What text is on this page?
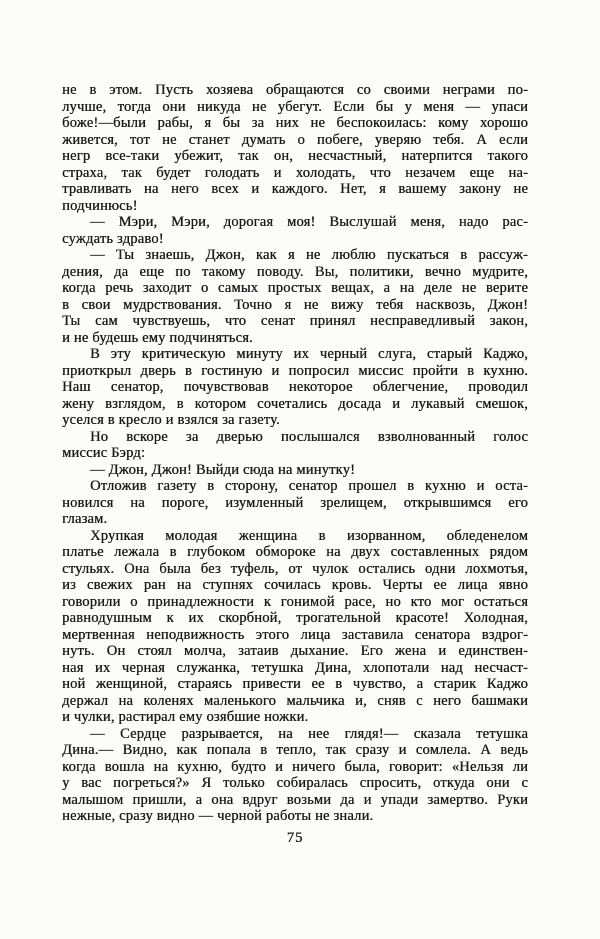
не в этом. Пусть хозяева обращаются со своими неграми по-
лучше, тогда они никуда не убегут. Если бы у меня — упаси
боже!—были рабы, я бы за них не беспокоилась: кому хорошо
живется, тот не станет думать о побеге, уверяю тебя. А если
негр все-таки убежит, так он, несчастный, натерпится такого
страха, так будет голодать и холодать, что незачем еще на-
травливать на него всех и каждого. Нет, я вашему закону не
подчинюсь!

— Мэри, Мэри, дорогая моя! Выслушай меня, надо рас-
суждать здраво!

— Ты знаешь, Джон, как я не люблю пускаться в рассуж-
дения, да еще по такому поводу. Вы, политики, вечно мудрите,
когда речь заходит о самых простых вещах, а на деле не верите
в свои мудрствования. Точно я не вижу тебя насквозь, Джон!
Ты сам чувствуешь, что сенат принял несправедливый закон,
и не будешь ему подчиняться.

В эту критическую минуту их черный слуга, старый Каджо,
приоткрыл дверь в гостиную и попросил миссис пройти в кухню.
Наш сенатор, почувствовав некоторое облегчение, проводил
жену взглядом, в котором сочетались досада и лукавый смешок,
уселся в кресло и взялся за газету.

Но вскоре за дверью послышался взволнованный голос
миссис Бэрд:

— Джон, Джон! Выйди сюда на минутку!

Отложив газету в сторону, сенатор прошел в кухню и оста-
новился на пороге, изумленный зрелищем, открывшимся его
глазам.

Хрупкая молодая женщина в изорванном, обледенелом
платье лежала в глубоком обмороке на двух составленных рядом
стульях. Она была без туфель, от чулок остались одни лохмотья,
из свежих ран на ступнях сочилась кровь. Черты ее лица явно
говорили о принадлежности к гонимой расе, но кто мог остаться
равнодушным к их скорбной, трогательной красоте! Холодная,
мертвенная неподвижность этого лица заставила сенатора вздрог-
нуть. Он стоял молча, затаив дыхание. Его жена и единствен-
ная их черная служанка, тетушка Дина, хлопотали над несчаст-
ной женщиной, стараясь привести ее в чувство, а старик Каджо
держал на коленях маленького мальчика и, сняв с него башмаки
и чулки, растирал ему озябшие ножки.

— Сердце разрывается, на нее глядя!— сказала тетушка
Дина.— Видно, как попала в тепло, так сразу и сомлела. А ведь
когда вошла на кухню, будто и ничего была, говорит: «Нельзя ли
у вас погреться?» Я только собиралась спросить, откуда они с
малышом пришли, а она вдруг возьми да и упади замертво. Руки
нежные, сразу видно — черной работы не знали.

75
